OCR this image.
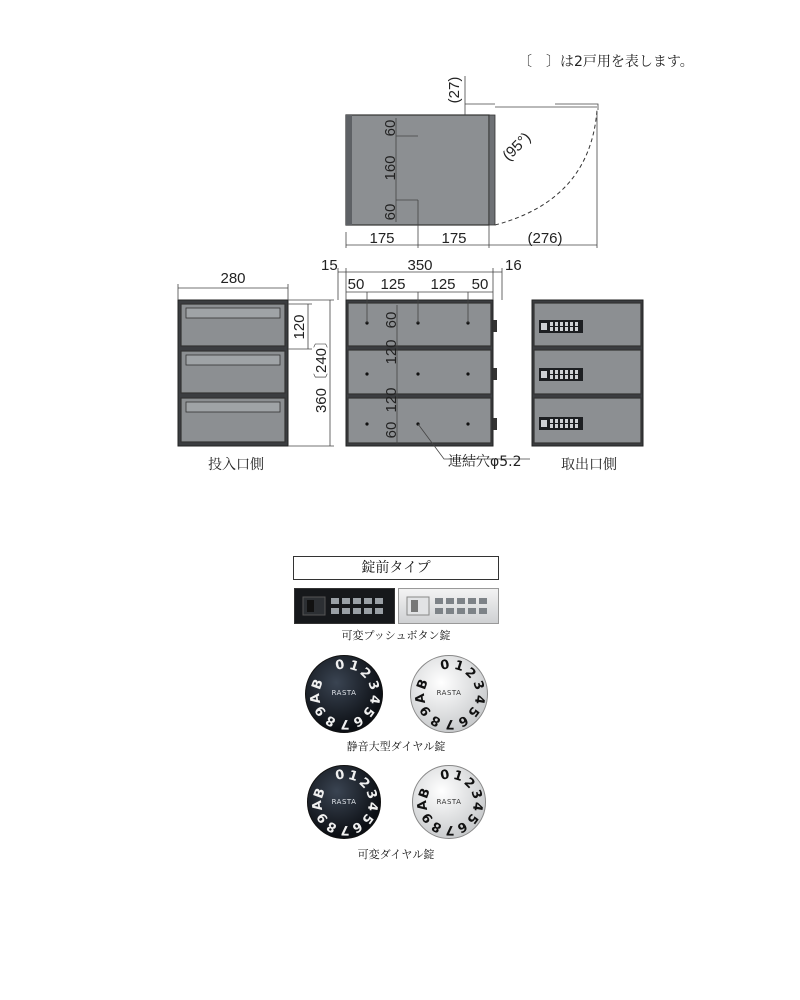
〔　〕は2戸用を表します。
60
160
60
(27)
(95°)
175	175	(276)
280
120
360〔240〕
投入口側
15	350	16
50 125 125 50
60
120
120
60
連結穴φ5.2	取出口側
錠前タイプ
可変プッシュボタン錠
RASTA
0 1
2
3
4
5
6
7
8
9
A
B
RASTA
0 1
2
3
4
5
6
7
8
9
A
B
静音大型ダイヤル錠
RASTA
0 1
2
3
4
5
6
7
8
9
A
B
RASTA
0 1
2
3
4
5
6
7
8
9
A
B
可変ダイヤル錠
